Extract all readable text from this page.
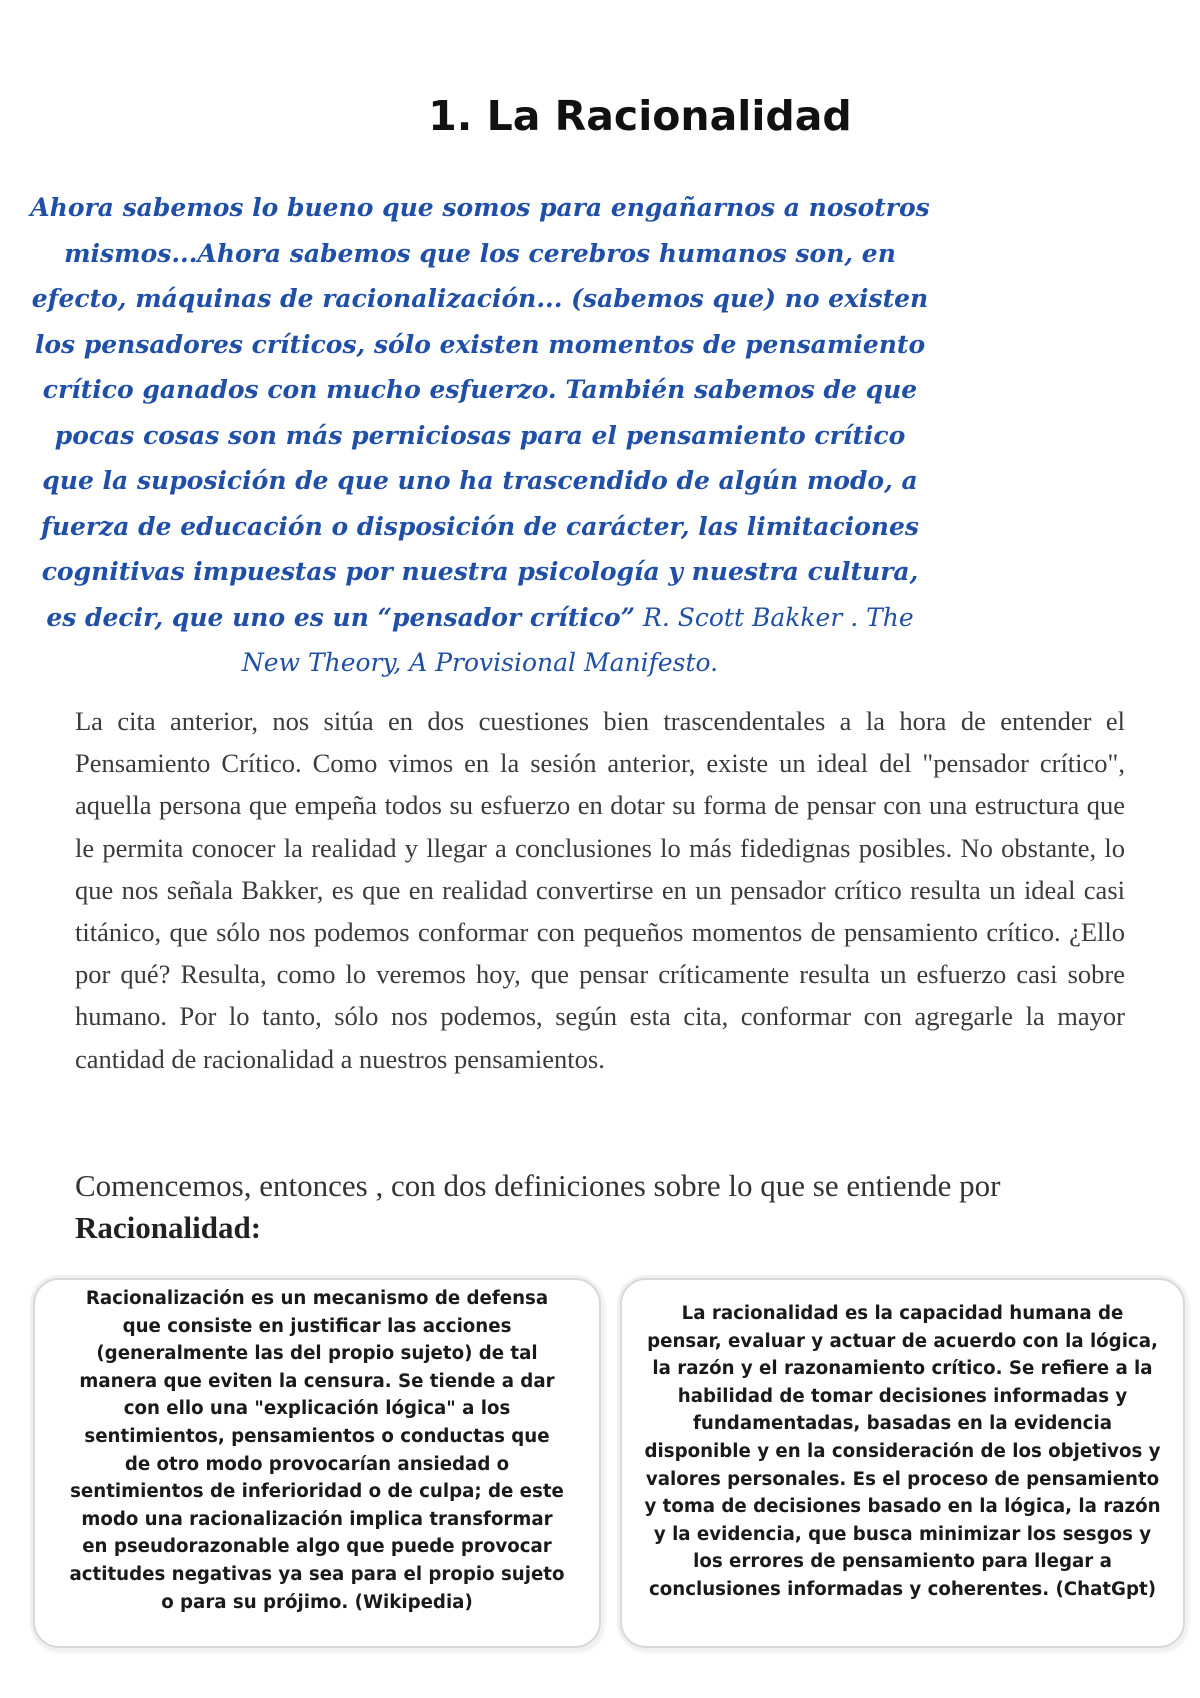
1. La Racionalidad

Ahora sabemos lo bueno que somos para engañarnos a nosotros mismos...Ahora sabemos que los cerebros humanos son, en efecto, máquinas de racionalización... (sabemos que) no existen los pensadores críticos, sólo existen momentos de pensamiento crítico ganados con mucho esfuerzo. También sabemos de que pocas cosas son más perniciosas para el pensamiento crítico que la suposición de que uno ha trascendido de algún modo, a fuerza de educación o disposición de carácter, las limitaciones cognitivas impuestas por nuestra psicología y nuestra cultura, es decir, que uno es un “pensador crítico” R. Scott Bakker . The New Theory, A Provisional Manifesto.

La cita anterior, nos sitúa en dos cuestiones bien trascendentales a la hora de entender el Pensamiento Crítico. Como vimos en la sesión anterior, existe un ideal del "pensador crítico", aquella persona que empeña todos su esfuerzo en dotar su forma de pensar con una estructura que le permita conocer la realidad y llegar a conclusiones lo más fidedignas posibles. No obstante, lo que nos señala Bakker, es que en realidad convertirse en un pensador crítico resulta un ideal casi titánico, que sólo nos podemos conformar con pequeños momentos de pensamiento crítico. ¿Ello por qué? Resulta, como lo veremos hoy, que pensar críticamente resulta un esfuerzo casi sobre humano. Por lo tanto, sólo nos podemos, según esta cita, conformar con agregarle la mayor cantidad de racionalidad a nuestros pensamientos.

Comencemos, entonces , con dos definiciones sobre lo que se entiende por Racionalidad:

Racionalización es un mecanismo de defensa que consiste en justificar las acciones (generalmente las del propio sujeto) de tal manera que eviten la censura. Se tiende a dar con ello una "explicación lógica" a los sentimientos, pensamientos o conductas que de otro modo provocarían ansiedad o sentimientos de inferioridad o de culpa; de este modo una racionalización implica transformar en pseudorazonable algo que puede provocar actitudes negativas ya sea para el propio sujeto o para su prójimo. (Wikipedia)

La racionalidad es la capacidad humana de pensar, evaluar y actuar de acuerdo con la lógica, la razón y el razonamiento crítico. Se refiere a la habilidad de tomar decisiones informadas y fundamentadas, basadas en la evidencia disponible y en la consideración de los objetivos y valores personales. Es el proceso de pensamiento y toma de decisiones basado en la lógica, la razón y la evidencia, que busca minimizar los sesgos y los errores de pensamiento para llegar a conclusiones informadas y coherentes. (ChatGpt)
